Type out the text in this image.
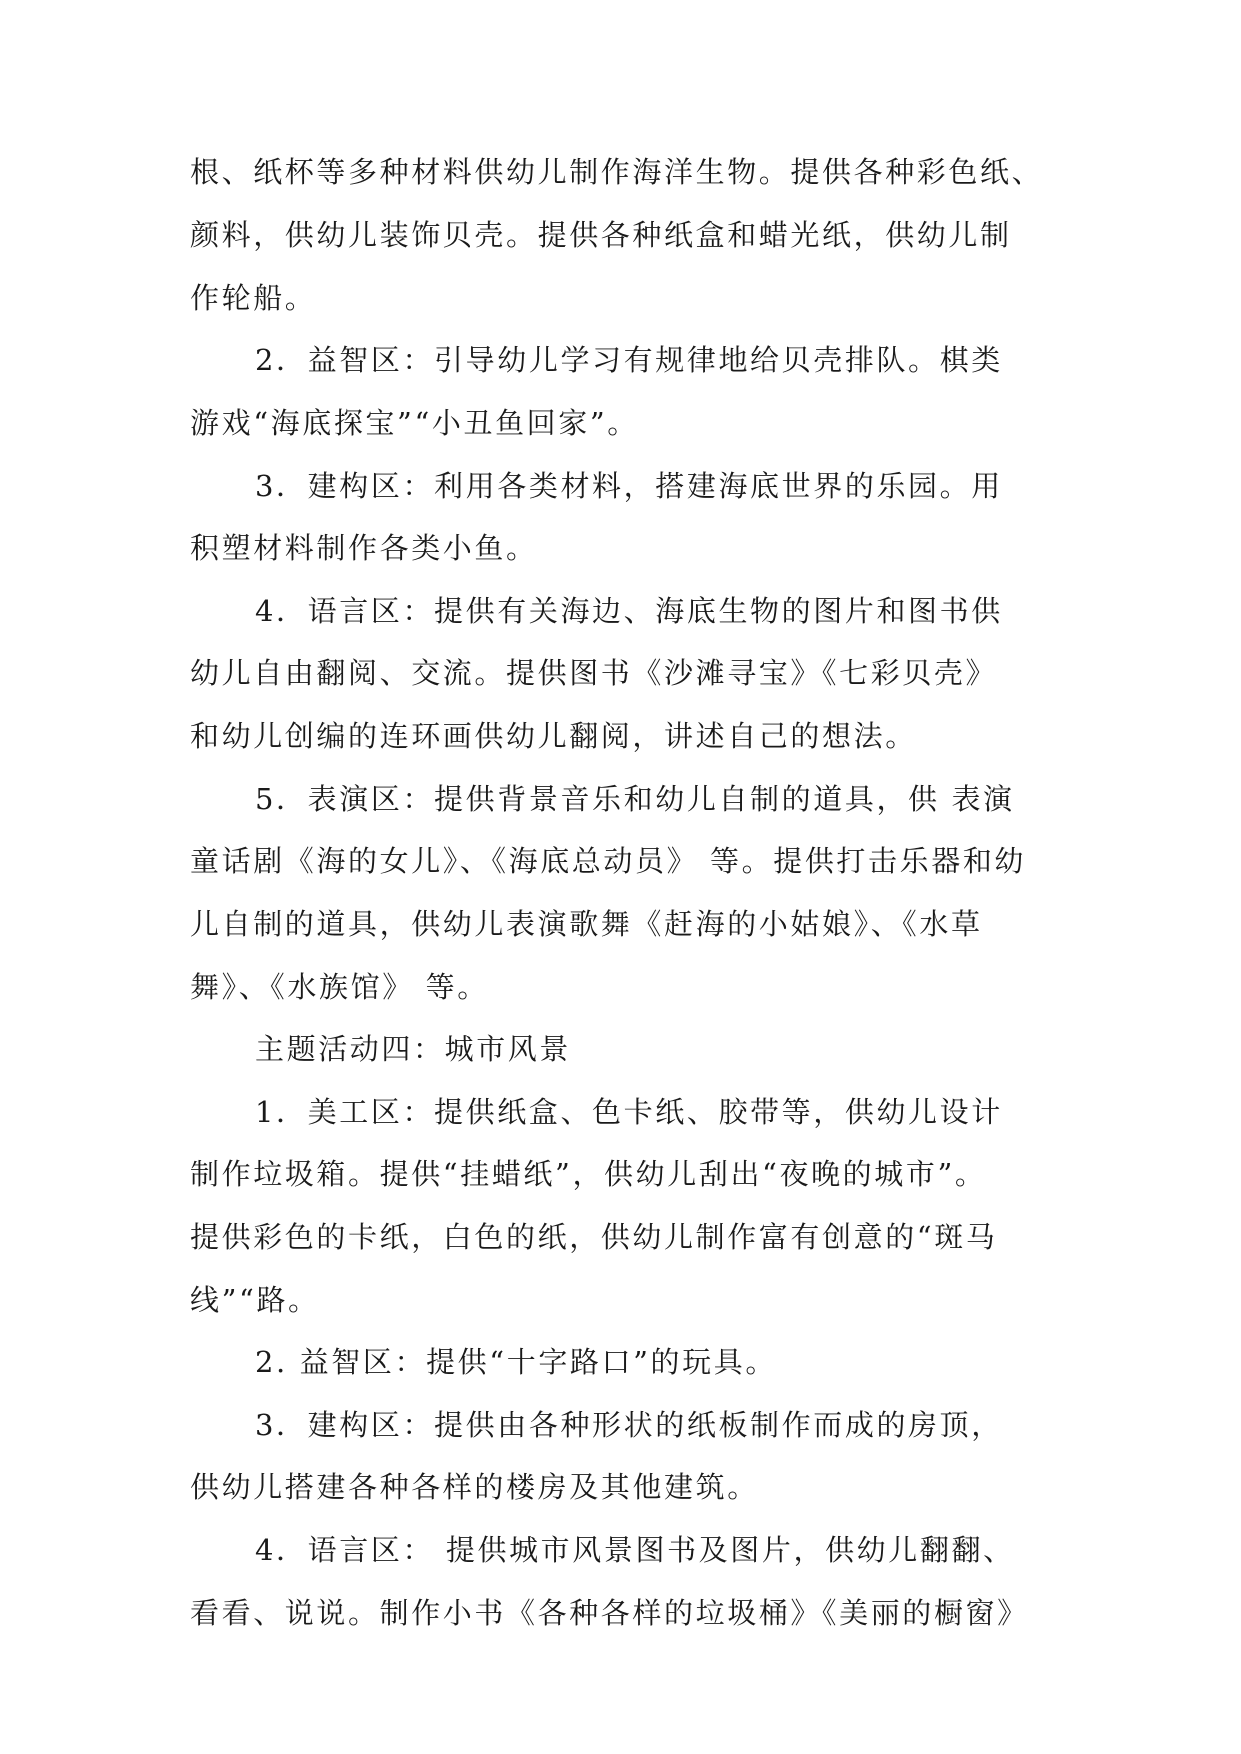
根、纸杯等多种材料供幼儿制作海洋生物。提供各种彩色纸、
颜料，供幼儿装饰贝壳。提供各种纸盒和蜡光纸，供幼儿制
作轮船。
2．益智区：引导幼儿学习有规律地给贝壳排队。棋类
游戏“海底探宝”“小丑鱼回家”。
3．建构区：利用各类材料，搭建海底世界的乐园。用
积塑材料制作各类小鱼。
4．语言区：提供有关海边、海底生物的图片和图书供
幼儿自由翻阅、交流。提供图书《沙滩寻宝》《七彩贝壳》
和幼儿创编的连环画供幼儿翻阅，讲述自己的想法。
5．表演区：提供背景音乐和幼儿自制的道具，供 表演
童话剧《海的女儿》、《海底总动员》 等。提供打击乐器和幼
儿自制的道具，供幼儿表演歌舞《赶海的小姑娘》、《水草
舞》、《水族馆》 等。
主题活动四：城市风景
1．美工区：提供纸盒、色卡纸、胶带等，供幼儿设计
制作垃圾箱。提供“挂蜡纸”，供幼儿刮出“夜晚的城市”。
提供彩色的卡纸，白色的纸，供幼儿制作富有创意的“斑马
线”“路。
2. 益智区：提供“十字路口”的玩具。
3．建构区：提供由各种形状的纸板制作而成的房顶，
供幼儿搭建各种各样的楼房及其他建筑。
4．语言区： 提供城市风景图书及图片，供幼儿翻翻、
看看、说说。制作小书《各种各样的垃圾桶》《美丽的橱窗》
